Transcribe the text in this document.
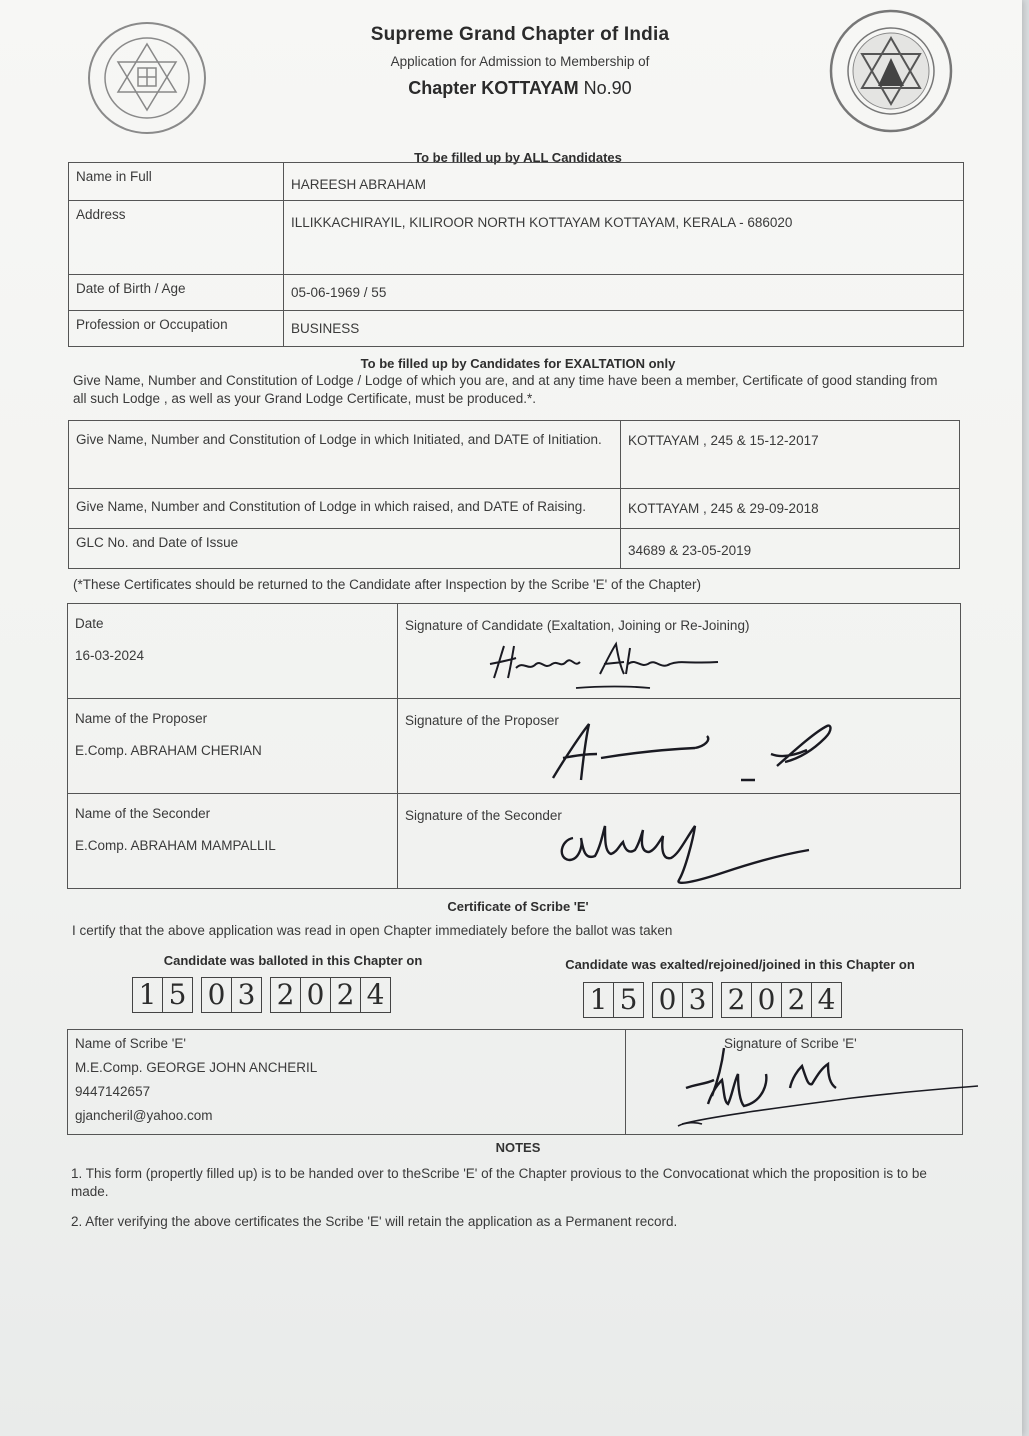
Supreme Grand Chapter of India
Application for Admission to Membership of
Chapter KOTTAYAM No.90
To be filled up by ALL Candidates
Name in Full	HAREESH ABRAHAM
Address	ILLIKKACHIRAYIL, KILIROOR NORTH KOTTAYAM KOTTAYAM, KERALA - 686020
Date of Birth / Age	05-06-1969 / 55
Profession or Occupation	BUSINESS
To be filled up by Candidates for EXALTATION only
Give Name, Number and Constitution of Lodge / Lodge of which you are, and at any time have been a member, Certificate of good standing from all such Lodge , as well as your Grand Lodge Certificate, must be produced.*.
Give Name, Number and Constitution of Lodge in which Initiated, and DATE of Initiation.	KOTTAYAM , 245 & 15-12-2017
Give Name, Number and Constitution of Lodge in which raised, and DATE of Raising.	KOTTAYAM , 245 & 29-09-2018
GLC No. and Date of Issue	34689 & 23-05-2019
(*These Certificates should be returned to the Candidate after Inspection by the Scribe 'E' of the Chapter)
Date
16-03-2024	Signature of Candidate (Exaltation, Joining or Re-Joining)

Name of the Proposer
E.Comp. ABRAHAM CHERIAN	Signature of the Proposer

Name of the Seconder
E.Comp. ABRAHAM MAMPALLIL	Signature of the Seconder
Certificate of Scribe 'E'
I certify that the above application was read in open Chapter immediately before the ballot was taken
Candidate was balloted in this Chapter on	Candidate was exalted/rejoined/joined in this Chapter on
1 5 0 3 2 0 2 4	1 5 0 3 2 0 2 4
Name of Scribe 'E'
M.E.Comp. GEORGE JOHN ANCHERIL
9447142657
gjancheril@yahoo.com

Signature of Scribe 'E'
NOTES
1. This form (propertly filled up) is to be handed over to theScribe 'E' of the Chapter provious to the Convocationat which the proposition is to be made.
2. After verifying the above certificates the Scribe 'E' will retain the application as a Permanent record.
